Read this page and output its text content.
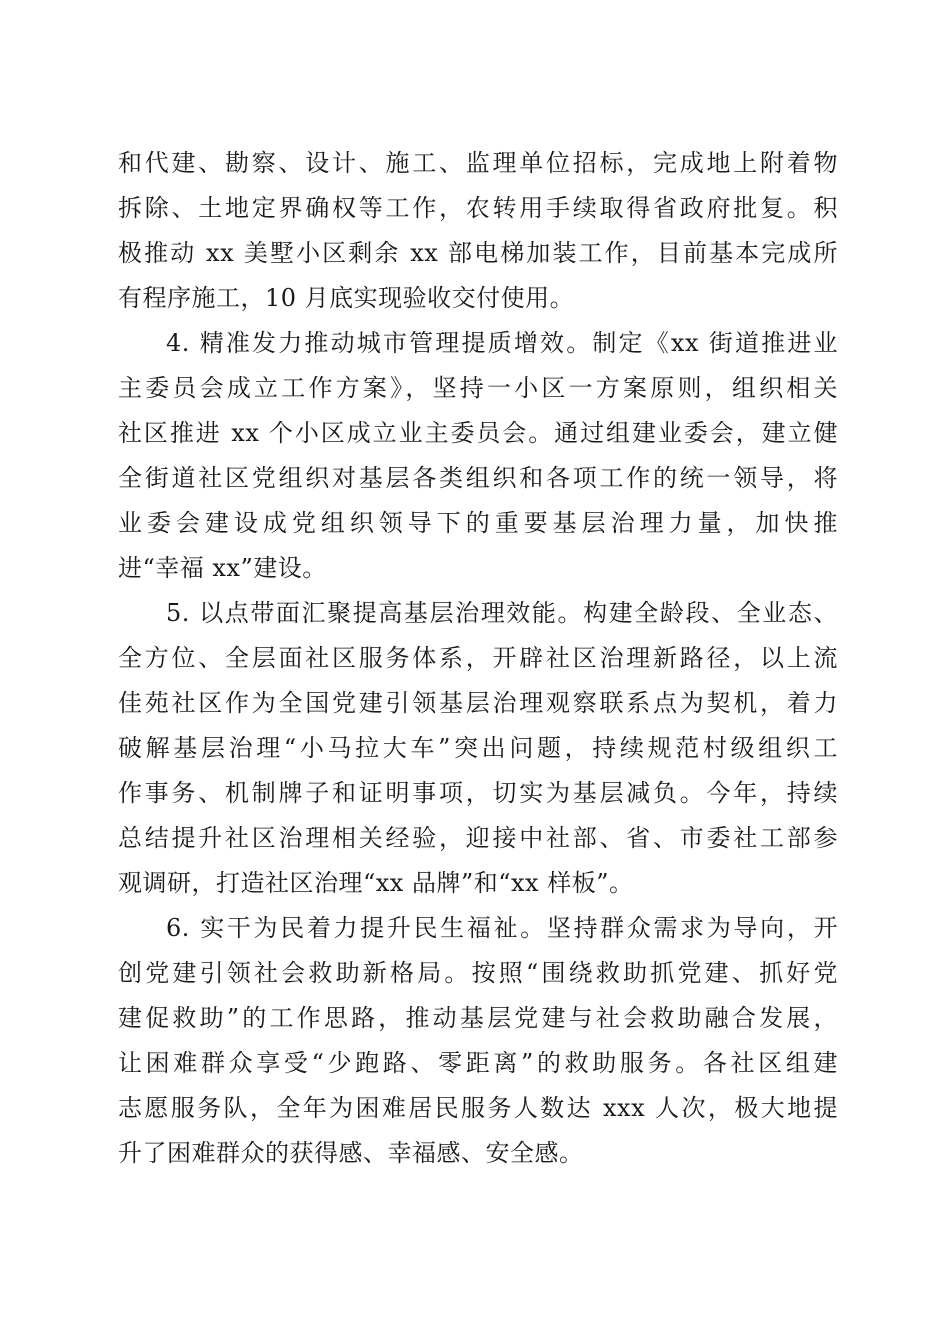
和代建、勘察、设计、施工、监理单位招标，完成地上附着物
拆除、土地定界确权等工作，农转用手续取得省政府批复。积
极推动 xx 美墅小区剩余 xx 部电梯加装工作，目前基本完成所
有程序施工，10 月底实现验收交付使用。
4. 精准发力推动城市管理提质增效。制定《xx 街道推进业
主委员会成立工作方案》，坚持一小区一方案原则，组织相关
社区推进 xx 个小区成立业主委员会。通过组建业委会，建立健
全街道社区党组织对基层各类组织和各项工作的统一领导，将
业委会建设成党组织领导下的重要基层治理力量，加快推
进“幸福 xx”建设。
5. 以点带面汇聚提高基层治理效能。构建全龄段、全业态、
全方位、全层面社区服务体系，开辟社区治理新路径，以上流
佳苑社区作为全国党建引领基层治理观察联系点为契机，着力
破解基层治理“小马拉大车”突出问题，持续规范村级组织工
作事务、机制牌子和证明事项，切实为基层减负。今年，持续
总结提升社区治理相关经验，迎接中社部、省、市委社工部参
观调研，打造社区治理“xx 品牌”和“xx 样板”。
6. 实干为民着力提升民生福祉。坚持群众需求为导向，开
创党建引领社会救助新格局。按照“围绕救助抓党建、抓好党
建促救助”的工作思路，推动基层党建与社会救助融合发展，
让困难群众享受“少跑路、零距离”的救助服务。各社区组建
志愿服务队，全年为困难居民服务人数达 xxx 人次，极大地提
升了困难群众的获得感、幸福感、安全感。
